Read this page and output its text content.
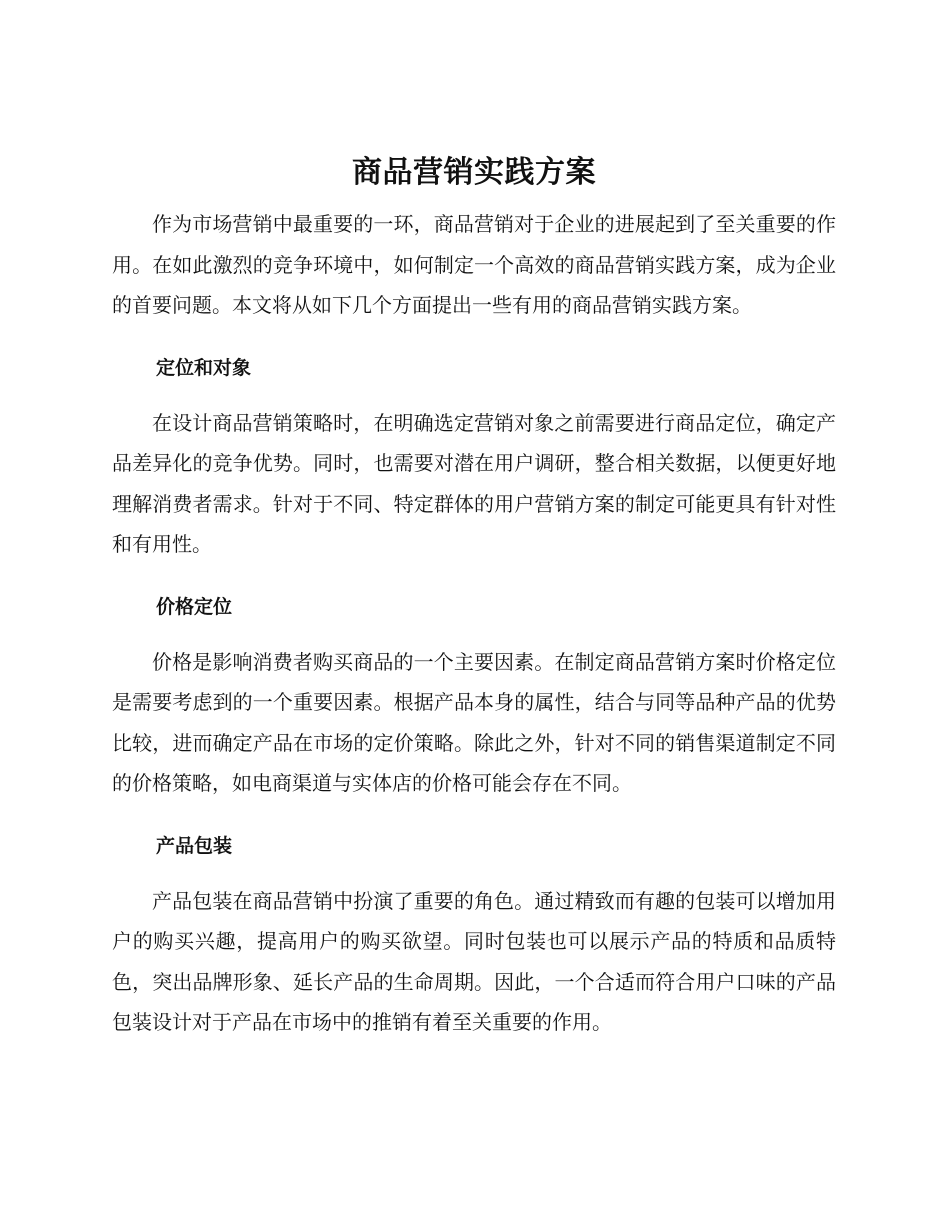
商品营销实践方案

作为市场营销中最重要的一环，商品营销对于企业的进展起到了至关重要的作用。在如此激烈的竞争环境中，如何制定一个高效的商品营销实践方案，成为企业的首要问题。本文将从如下几个方面提出一些有用的商品营销实践方案。

定位和对象

在设计商品营销策略时，在明确选定营销对象之前需要进行商品定位，确定产品差异化的竞争优势。同时，也需要对潜在用户调研，整合相关数据，以便更好地理解消费者需求。针对于不同、特定群体的用户营销方案的制定可能更具有针对性和有用性。

价格定位

价格是影响消费者购买商品的一个主要因素。在制定商品营销方案时价格定位是需要考虑到的一个重要因素。根据产品本身的属性，结合与同等品种产品的优势比较，进而确定产品在市场的定价策略。除此之外，针对不同的销售渠道制定不同的价格策略，如电商渠道与实体店的价格可能会存在不同。

产品包装

产品包装在商品营销中扮演了重要的角色。通过精致而有趣的包装可以增加用户的购买兴趣，提高用户的购买欲望。同时包装也可以展示产品的特质和品质特色，突出品牌形象、延长产品的生命周期。因此，一个合适而符合用户口味的产品包装设计对于产品在市场中的推销有着至关重要的作用。
